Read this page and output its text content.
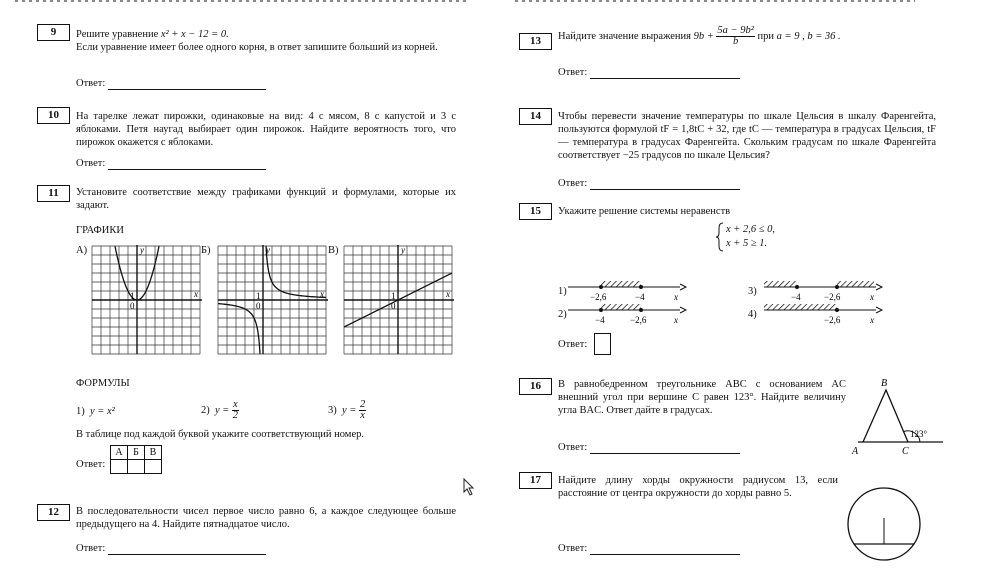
9	Решите уравнение x² + x − 12 = 0.

Если уравнение имеет более одного корня, в ответ запишите больший из корней.
Ответ:
10	На тарелке лежат пирожки, одинаковые на вид: 4 с мясом, 8 с капустой и 3 с яблоками. Петя наугад выбирает один пирожок. Найдите вероятность того, что пирожок окажется с яблоками.
Ответ:
11	Установите соответствие между графиками функций и формулами, которые их задают.
ГРАФИКИ
А)	Б)	В)
y
x
0
1
y
x
0
1
y
x
0
1
ФОРМУЛЫ
1) y = x²	2) $y = \frac{x}{2}$	3) $y = \frac{2}{x}$
В таблице под каждой буквой укажите соответствующий номер.
Ответ:
А	Б	В

12	В последовательности чисел первое число равно 6, а каждое следующее больше предыдущего на 4. Найдите пятнадцатое число.
Ответ:
13	Найдите значение выражения $9b + \frac{\text{5a − 9b²}}{b}$ при a = 9 , b = 36 .
Ответ:
14	Чтобы перевести значение температуры по шкале Цельсия в шкалу Фаренгейта, пользуются формулой tF = 1,8tC + 32, где tC — температура в градусах Цельсия, tF — температура в градусах Фаренгейта. Скольким градусам по шкале Фаренгейта соответствует −25 градусов по шкале Цельсия?
Ответ:
15	Укажите решение системы неравенств
x + 2,6 ≤ 0,
x + 5 ≥ 1.
1)
2)
3)
4)
−2,6	−4	x
−4	−2,6	x
−4	−2,6	x
−2,6	x
Ответ:
16	В равнобедренном треугольнике ABC с основанием AC внешний угол при вершине C равен 123°. Найдите величину угла BAC. Ответ дайте в градусах.
Ответ:
B
A	C
123°
17	Найдите длину хорды окружности радиусом 13, если расстояние от центра окружности до хорды равно 5.
Ответ:
